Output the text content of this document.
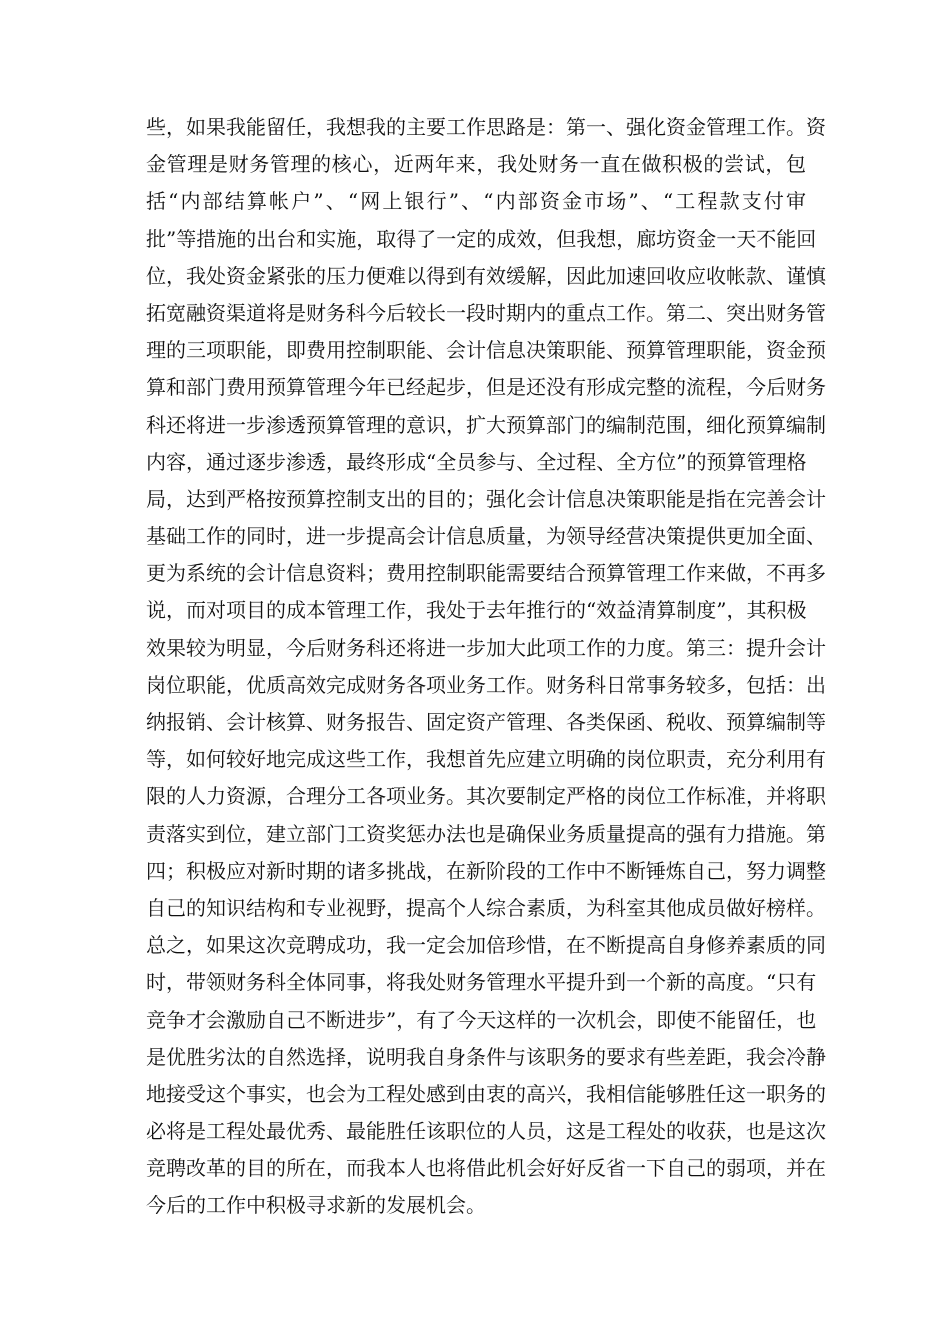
些，如果我能留任，我想我的主要工作思路是：第一、强化资金管理工作。资
金管理是财务管理的核心，近两年来，我处财务一直在做积极的尝试，包
括“内部结算帐户”、“网上银行”、“内部资金市场”、“工程款支付审
批”等措施的出台和实施，取得了一定的成效，但我想，廊坊资金一天不能回
位，我处资金紧张的压力便难以得到有效缓解，因此加速回收应收帐款、谨慎
拓宽融资渠道将是财务科今后较长一段时期内的重点工作。第二、突出财务管
理的三项职能，即费用控制职能、会计信息决策职能、预算管理职能，资金预
算和部门费用预算管理今年已经起步，但是还没有形成完整的流程，今后财务
科还将进一步渗透预算管理的意识，扩大预算部门的编制范围，细化预算编制
内容，通过逐步渗透，最终形成“全员参与、全过程、全方位”的预算管理格
局，达到严格按预算控制支出的目的；强化会计信息决策职能是指在完善会计
基础工作的同时，进一步提高会计信息质量，为领导经营决策提供更加全面、
更为系统的会计信息资料；费用控制职能需要结合预算管理工作来做，不再多
说，而对项目的成本管理工作，我处于去年推行的“效益清算制度”，其积极
效果较为明显，今后财务科还将进一步加大此项工作的力度。第三：提升会计
岗位职能，优质高效完成财务各项业务工作。财务科日常事务较多，包括：出
纳报销、会计核算、财务报告、固定资产管理、各类保函、税收、预算编制等
等，如何较好地完成这些工作，我想首先应建立明确的岗位职责，充分利用有
限的人力资源，合理分工各项业务。其次要制定严格的岗位工作标准，并将职
责落实到位，建立部门工资奖惩办法也是确保业务质量提高的强有力措施。第
四；积极应对新时期的诸多挑战，在新阶段的工作中不断锤炼自己，努力调整
自己的知识结构和专业视野，提高个人综合素质，为科室其他成员做好榜样。
总之，如果这次竞聘成功，我一定会加倍珍惜，在不断提高自身修养素质的同
时，带领财务科全体同事，将我处财务管理水平提升到一个新的高度。“只有
竞争才会激励自己不断进步”，有了今天这样的一次机会，即使不能留任，也
是优胜劣汰的自然选择，说明我自身条件与该职务的要求有些差距，我会冷静
地接受这个事实，也会为工程处感到由衷的高兴，我相信能够胜任这一职务的
必将是工程处最优秀、最能胜任该职位的人员，这是工程处的收获，也是这次
竞聘改革的目的所在，而我本人也将借此机会好好反省一下自己的弱项，并在
今后的工作中积极寻求新的发展机会。
